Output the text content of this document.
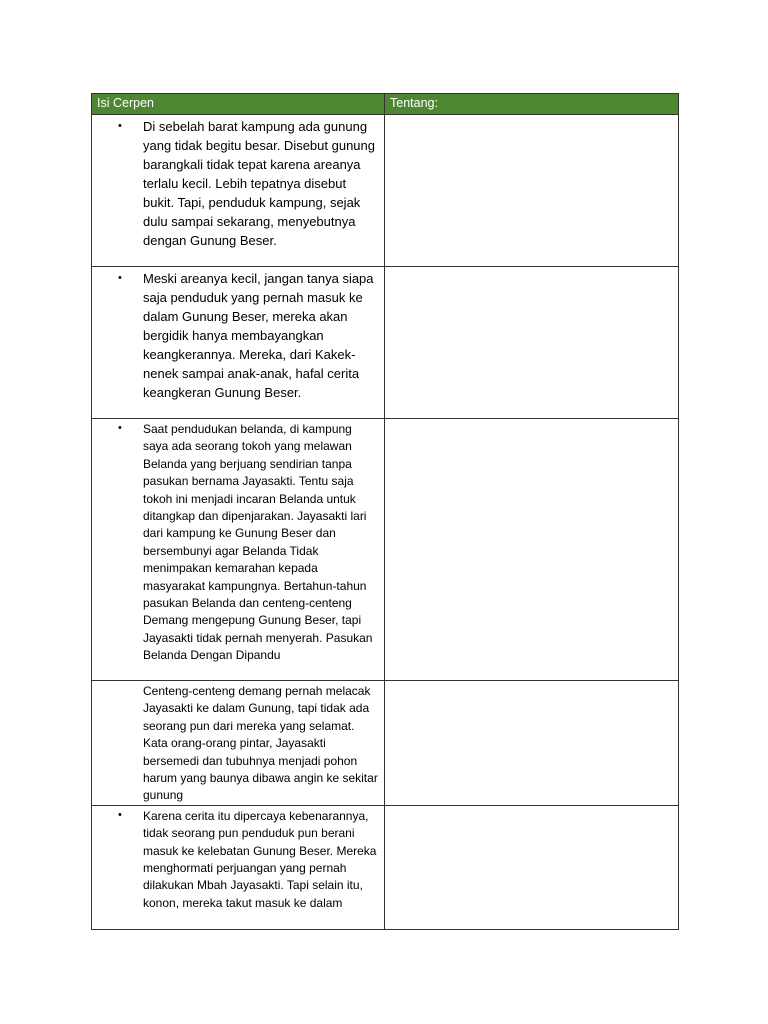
Isi Cerpen	Tentang:

• Di sebelah barat kampung ada gunung yang tidak begitu besar. Disebut gunung barangkali tidak tepat karena areanya terlalu kecil. Lebih tepatnya disebut bukit. Tapi, penduduk kampung, sejak dulu sampai sekarang, menyebutnya dengan Gunung Beser.	

• Meski areanya kecil, jangan tanya siapa saja penduduk yang pernah masuk ke dalam Gunung Beser, mereka akan bergidik hanya membayangkan keangkerannya. Mereka, dari Kakek-nenek sampai anak-anak, hafal cerita keangkeran Gunung Beser.	

• Saat pendudukan belanda, di kampung saya ada seorang tokoh yang melawan Belanda yang berjuang sendirian tanpa pasukan bernama Jayasakti. Tentu saja tokoh ini menjadi incaran Belanda untuk ditangkap dan dipenjarakan. Jayasakti lari dari kampung ke Gunung Beser dan bersembunyi agar Belanda Tidak menimpakan kemarahan kepada masyarakat kampungnya. Bertahun-tahun pasukan Belanda dan centeng-centeng Demang mengepung Gunung Beser, tapi Jayasakti tidak pernah menyerah. Pasukan Belanda Dengan Dipandu	

Centeng-centeng demang pernah melacak Jayasakti ke dalam Gunung, tapi tidak ada seorang pun dari mereka yang selamat. Kata orang-orang pintar, Jayasakti bersemedi dan tubuhnya menjadi pohon harum yang baunya dibawa angin ke sekitar gunung	

• Karena cerita itu dipercaya kebenarannya, tidak seorang pun penduduk pun berani masuk ke kelebatan Gunung Beser. Mereka menghormati perjuangan yang pernah dilakukan Mbah Jayasakti. Tapi selain itu, konon, mereka takut masuk ke dalam	
